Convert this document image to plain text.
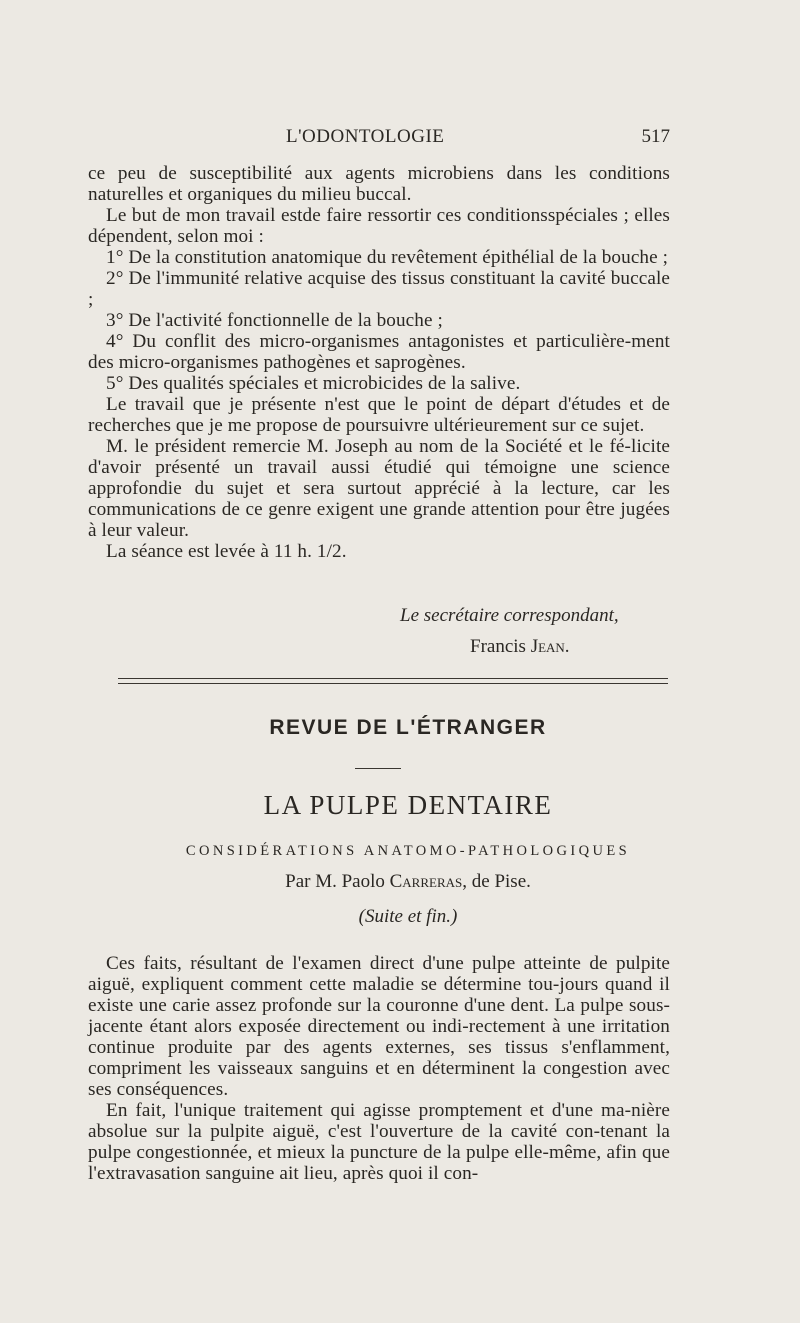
L'ODONTOLOGIE	517

ce peu de susceptibilité aux agents microbiens dans les conditions naturelles et organiques du milieu buccal.

Le but de mon travail estde faire ressortir ces conditionsspéciales ; elles dépendent, selon moi :

1° De la constitution anatomique du revêtement épithélial de la bouche ;

2° De l'immunité relative acquise des tissus constituant la cavité buccale ;

3° De l'activité fonctionnelle de la bouche ;

4° Du conflit des micro-organismes antagonistes et particulière-ment des micro-organismes pathogènes et saprogènes.

5° Des qualités spéciales et microbicides de la salive.

Le travail que je présente n'est que le point de départ d'études et de recherches que je me propose de poursuivre ultérieurement sur ce sujet.

M. le président remercie M. Joseph au nom de la Société et le fé-licite d'avoir présenté un travail aussi étudié qui témoigne une science approfondie du sujet et sera surtout apprécié à la lecture, car les communications de ce genre exigent une grande attention pour être jugées à leur valeur.

La séance est levée à 11 h. 1/2.

Le secrétaire correspondant,
Francis Jean.
REVUE DE L'ÉTRANGER
LA PULPE DENTAIRE
CONSIDÉRATIONS ANATOMO-PATHOLOGIQUES
Par M. Paolo Carreras, de Pise.
(Suite et fin.)

Ces faits, résultant de l'examen direct d'une pulpe atteinte de pulpite aiguë, expliquent comment cette maladie se détermine tou-jours quand il existe une carie assez profonde sur la couronne d'une dent. La pulpe sous-jacente étant alors exposée directement ou indi-rectement à une irritation continue produite par des agents externes, ses tissus s'enflamment, compriment les vaisseaux sanguins et en déterminent la congestion avec ses conséquences.

En fait, l'unique traitement qui agisse promptement et d'une ma-nière absolue sur la pulpite aiguë, c'est l'ouverture de la cavité con-tenant la pulpe congestionnée, et mieux la puncture de la pulpe elle-même, afin que l'extravasation sanguine ait lieu, après quoi il con-
